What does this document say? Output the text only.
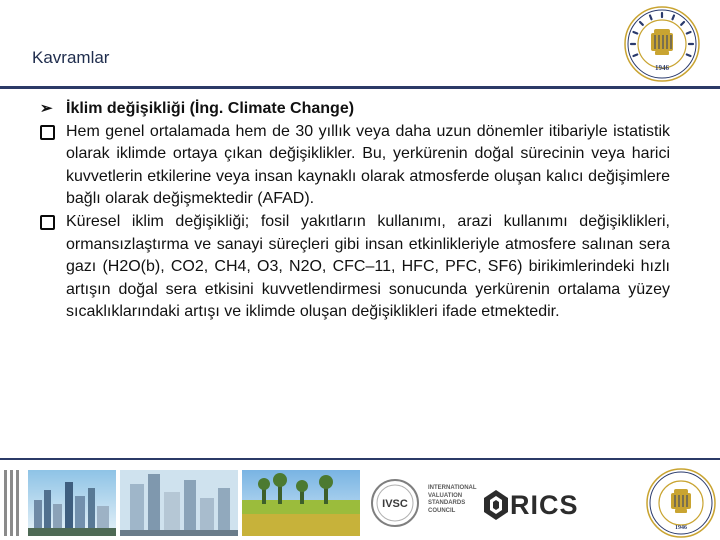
Kavramlar
1946
➢ İklim değişikliği (İng. Climate Change)
Hem genel ortalamada hem de 30 yıllık veya daha uzun dönemler itibariyle istatistik olarak iklimde ortaya çıkan değişiklikler. Bu, yerkürenin doğal sürecinin veya harici kuvvetlerin etkilerine veya insan kaynaklı olarak atmosferde oluşan kalıcı değişimlere bağlı olarak değişmektedir (AFAD).
Küresel iklim değişikliği; fosil yakıtların kullanımı, arazi kullanımı değişiklikleri, ormansızlaştırma ve sanayi süreçleri gibi insan etkinlikleriyle atmosfere salınan sera gazı (H2O(b), CO2, CH4, O3, N2O, CFC–11, HFC, PFC, SF6) birikimlerindeki hızlı artışın doğal sera etkisini kuvvetlendirmesi sonucunda yerkürenin ortalama yüzey sıcaklıklarındaki artışı ve iklimde oluşan değişiklikleri ifade etmektedir.
IVSC
INTERNATIONAL VALUATION STANDARDS COUNCIL	RICS
1946
